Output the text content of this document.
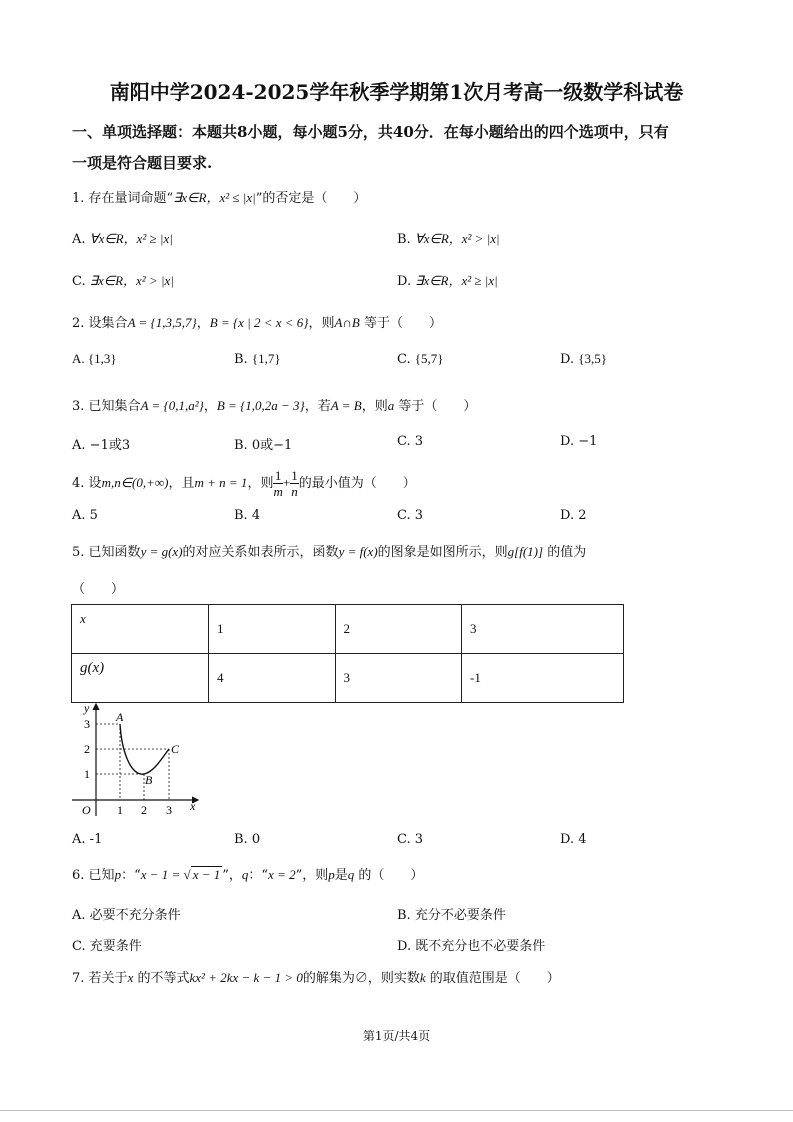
南阳中学2024-2025学年秋季学期第1次月考高一级数学科试卷
一、单项选择题：本题共8小题，每小题5分，共40分．在每小题给出的四个选项中，只有
一项是符合题目要求.
1. 存在量词命题“∃x∈R，x² ≤ |x|”的否定是（　　）
A. ∀x∈R，x² ≥ |x|	B. ∀x∈R，x² > |x|
C. ∃x∈R，x² > |x|	D. ∃x∈R，x² ≥ |x|
2. 设集合A = {1,3,5,7}，B = {x | 2 < x < 6}，则A∩B 等于（　　）
A. {1,3}	B. {1,7}	C. {5,7}	D. {3,5}
3. 已知集合A = {0,1,a²}，B = {1,0,2a − 3}，若A = B，则a 等于（　　）
A. −1或3	B. 0或−1	C. 3	D. −1
4. 设m,n∈(0,+∞)，且m + n = 1，则 $\frac{1}{m} + \frac{1}{n}$ 的最小值为（　　）
A. 5	B. 4	C. 3	D. 2
5. 已知函数y = g(x)的对应关系如表所示，函数y = f(x)的图象是如图所示，则g[f(1)] 的值为
（　　）
x	1	2	3
g(x)	4	3	-1
y
x
O 1 2 3
1
2
3 A
B
C
A. -1	B. 0	C. 3	D. 4
6. 已知p：“x − 1 = √ x − 1 ”，q：“x = 2”，则p是q 的（　　）
A. 必要不充分条件	B. 充分不必要条件
C. 充要条件	D. 既不充分也不必要条件
7. 若关于x 的不等式kx² + 2kx − k − 1 > 0的解集为∅，则实数k 的取值范围是（　　）
第1页/共4页
